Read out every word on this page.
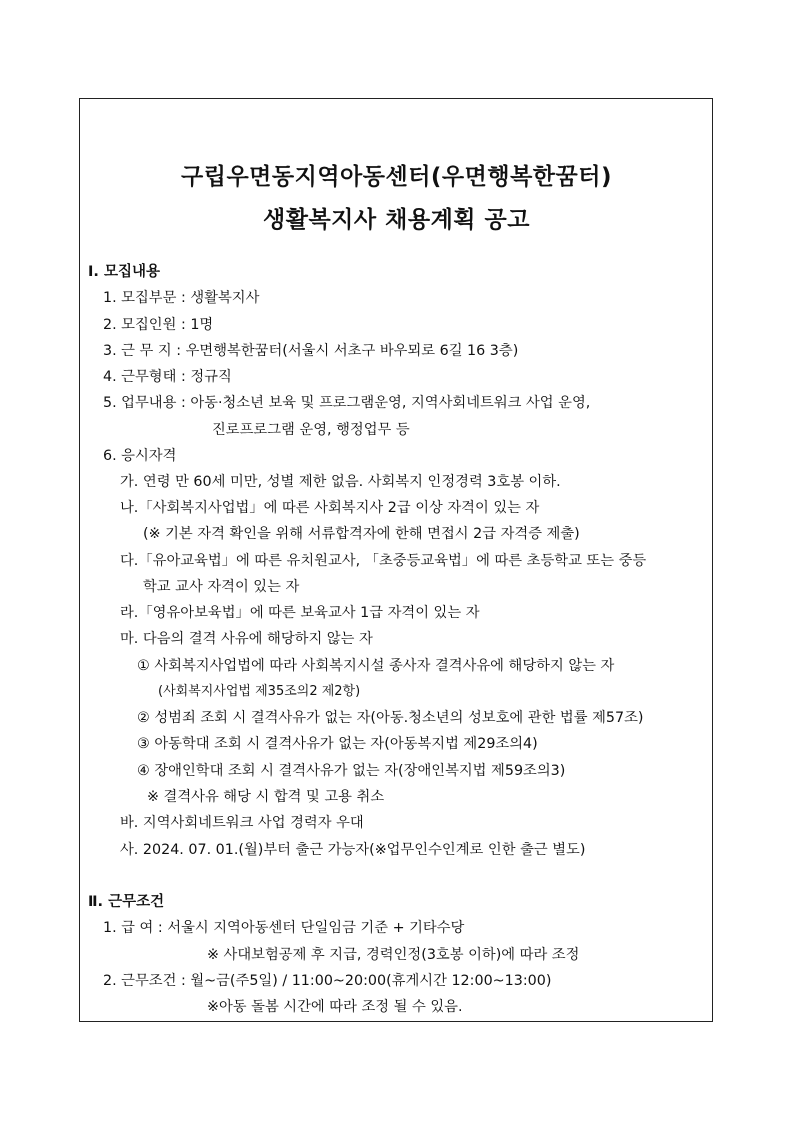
구립우면동지역아동센터(우면행복한꿈터)
생활복지사 채용계획 공고
Ⅰ. 모집내용
1. 모집부문 : 생활복지사
2. 모집인원 : 1명
3. 근 무 지 : 우면행복한꿈터(서울시 서초구 바우뫼로 6길 16 3층)
4. 근무형태 : 정규직
5. 업무내용 : 아동·청소년 보육 및 프로그램운영, 지역사회네트워크 사업 운영,
진로프로그램 운영, 행정업무 등
6. 응시자격
가. 연령 만 60세 미만, 성별 제한 없음. 사회복지 인정경력 3호봉 이하.
나.「사회복지사업법」에 따른 사회복지사 2급 이상 자격이 있는 자
(※ 기본 자격 확인을 위해 서류합격자에 한해 면접시 2급 자격증 제출)
다.「유아교육법」에 따른 유치원교사, 「초중등교육법」에 따른 초등학교 또는 중등
학교 교사 자격이 있는 자
라.「영유아보육법」에 따른 보육교사 1급 자격이 있는 자
마. 다음의 결격 사유에 해당하지 않는 자
① 사회복지사업법에 따라 사회복지시설 종사자 결격사유에 해당하지 않는 자
(사회복지사업법 제35조의2 제2항)
② 성범죄 조회 시 결격사유가 없는 자(아동.청소년의 성보호에 관한 법률 제57조)
③ 아동학대 조회 시 결격사유가 없는 자(아동복지법 제29조의4)
④ 장애인학대 조회 시 결격사유가 없는 자(장애인복지법 제59조의3)
※ 결격사유 해당 시 합격 및 고용 취소
바. 지역사회네트워크 사업 경력자 우대
사. 2024. 07. 01.(월)부터 출근 가능자(※업무인수인계로 인한 출근 별도)
Ⅱ. 근무조건
1. 급 여 : 서울시 지역아동센터 단일임금 기준 + 기타수당
※ 사대보험공제 후 지급, 경력인정(3호봉 이하)에 따라 조정
2. 근무조건 : 월~금(주5일) / 11:00~20:00(휴게시간 12:00~13:00)
※아동 돌봄 시간에 따라 조정 될 수 있음.
